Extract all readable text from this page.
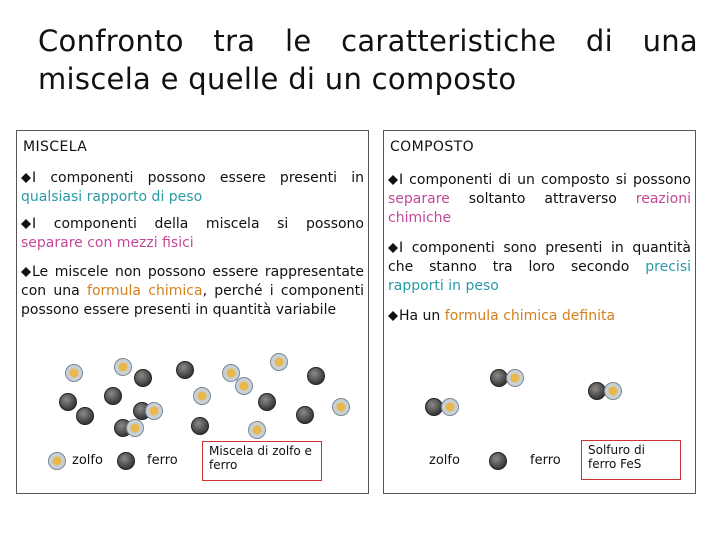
Confronto tra le caratteristiche di una miscela e quelle di un composto
MISCELA
I componenti possono essere presenti in qualsiasi rapporto di peso
I componenti della miscela si possono separare con mezzi fisici
Le miscele non possono essere rappresentate con una formula chimica, perché i componenti possono essere presenti in quantità variabile
zolfo	ferro
Miscela di zolfo e ferro
COMPOSTO
I componenti di un composto si possono separare soltanto attraverso reazioni chimiche
I componenti sono presenti in quantità che stanno tra loro secondo precisi rapporti in peso
Ha un formula chimica definita
zolfo	ferro
Solfuro di ferro FeS
